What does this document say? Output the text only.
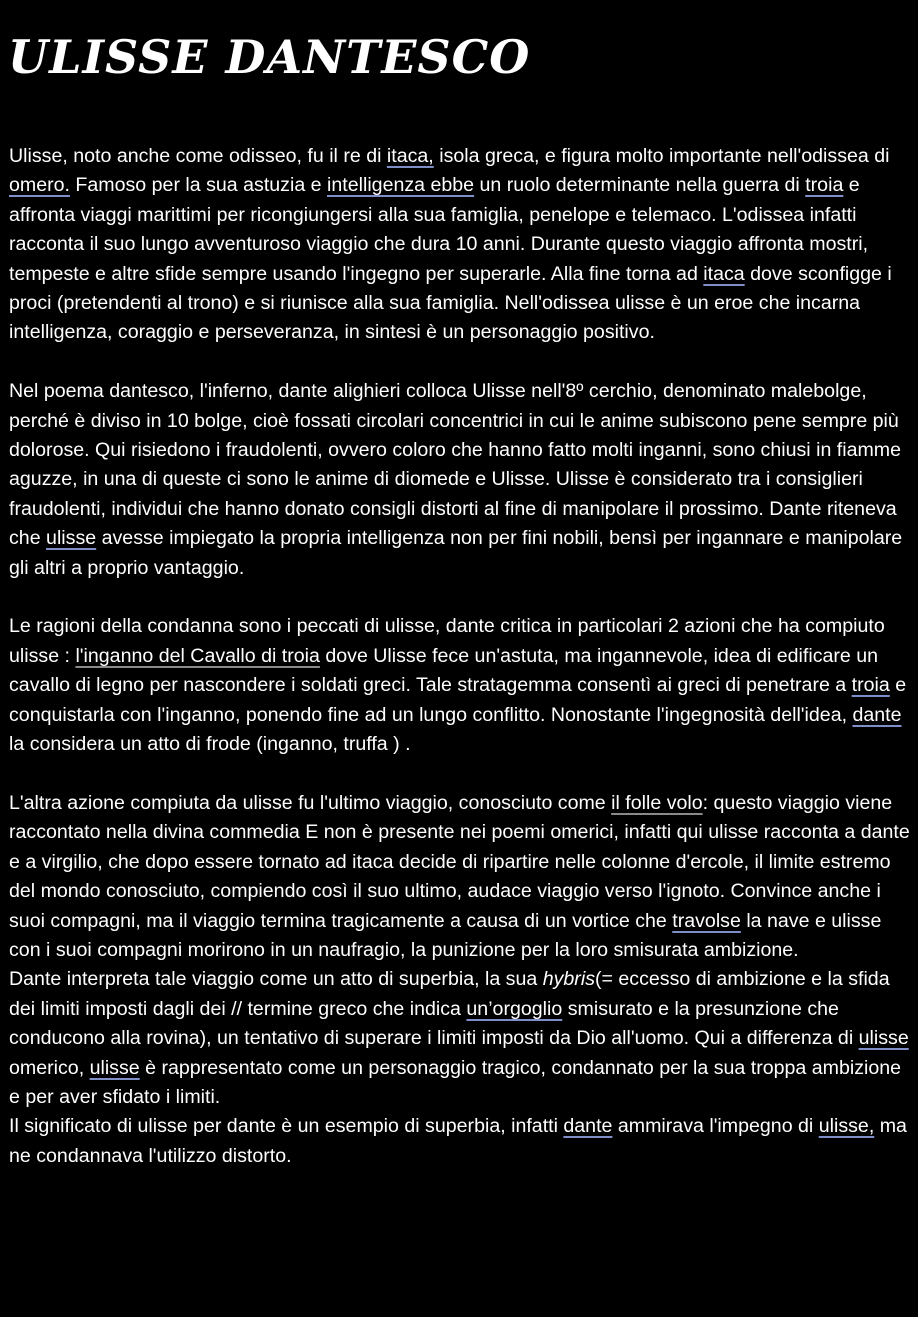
ULISSE DANTESCO

Ulisse, noto anche come odisseo, fu il re di itaca, isola greca, e figura molto importante nell'odissea di omero. Famoso per la sua astuzia e intelligenza ebbe un ruolo determinante nella guerra di troia e affronta viaggi marittimi per ricongiungersi alla sua famiglia, penelope e telemaco. L'odissea infatti racconta il suo lungo avventuroso viaggio che dura 10 anni. Durante questo viaggio affronta mostri, tempeste e altre sfide sempre usando l'ingegno per superarle. Alla fine torna ad itaca dove sconfigge i proci (pretendenti al trono) e si riunisce alla sua famiglia. Nell'odissea ulisse è un eroe che incarna intelligenza, coraggio e perseveranza, in sintesi è un personaggio positivo.

Nel poema dantesco, l'inferno, dante alighieri colloca Ulisse nell'8º cerchio, denominato malebolge, perché è diviso in 10 bolge, cioè fossati circolari concentrici in cui le anime subiscono pene sempre più dolorose. Qui risiedono i fraudolenti, ovvero coloro che hanno fatto molti inganni, sono chiusi in fiamme aguzze, in una di queste ci sono le anime di diomede e Ulisse. Ulisse è considerato tra i consiglieri fraudolenti, individui che hanno donato consigli distorti al fine di manipolare il prossimo. Dante riteneva che ulisse avesse impiegato la propria intelligenza non per fini nobili, bensì per ingannare e manipolare gli altri a proprio vantaggio.

Le ragioni della condanna sono i peccati di ulisse, dante critica in particolari 2 azioni che ha compiuto ulisse : l'inganno del Cavallo di troia dove Ulisse fece un'astuta, ma ingannevole, idea di edificare un cavallo di legno per nascondere i soldati greci. Tale stratagemma consentì ai greci di penetrare a troia e conquistarla con l'inganno, ponendo fine ad un lungo conflitto. Nonostante l'ingegnosità dell'idea, dante la considera un atto di frode (inganno, truffa ) .

L'altra azione compiuta da ulisse fu l'ultimo viaggio, conosciuto come il folle volo: questo viaggio viene raccontato nella divina commedia E non è presente nei poemi omerici, infatti qui ulisse racconta a dante e a virgilio, che dopo essere tornato ad itaca decide di ripartire nelle colonne d'ercole, il limite estremo del mondo conosciuto, compiendo così il suo ultimo, audace viaggio verso l'ignoto. Convince anche i suoi compagni, ma il viaggio termina tragicamente a causa di un vortice che travolse la nave e ulisse con i suoi compagni morirono in un naufragio, la punizione per la loro smisurata ambizione.

Dante interpreta tale viaggio come un atto di superbia, la sua hybris(= eccesso di ambizione e la sfida dei limiti imposti dagli dei // termine greco che indica un’orgoglio smisurato e la presunzione che conducono alla rovina), un tentativo di superare i limiti imposti da Dio all'uomo. Qui a differenza di ulisse omerico, ulisse è rappresentato come un personaggio tragico, condannato per la sua troppa ambizione e per aver sfidato i limiti.

Il significato di ulisse per dante è un esempio di superbia, infatti dante ammirava l'impegno di ulisse, ma ne condannava l'utilizzo distorto.
